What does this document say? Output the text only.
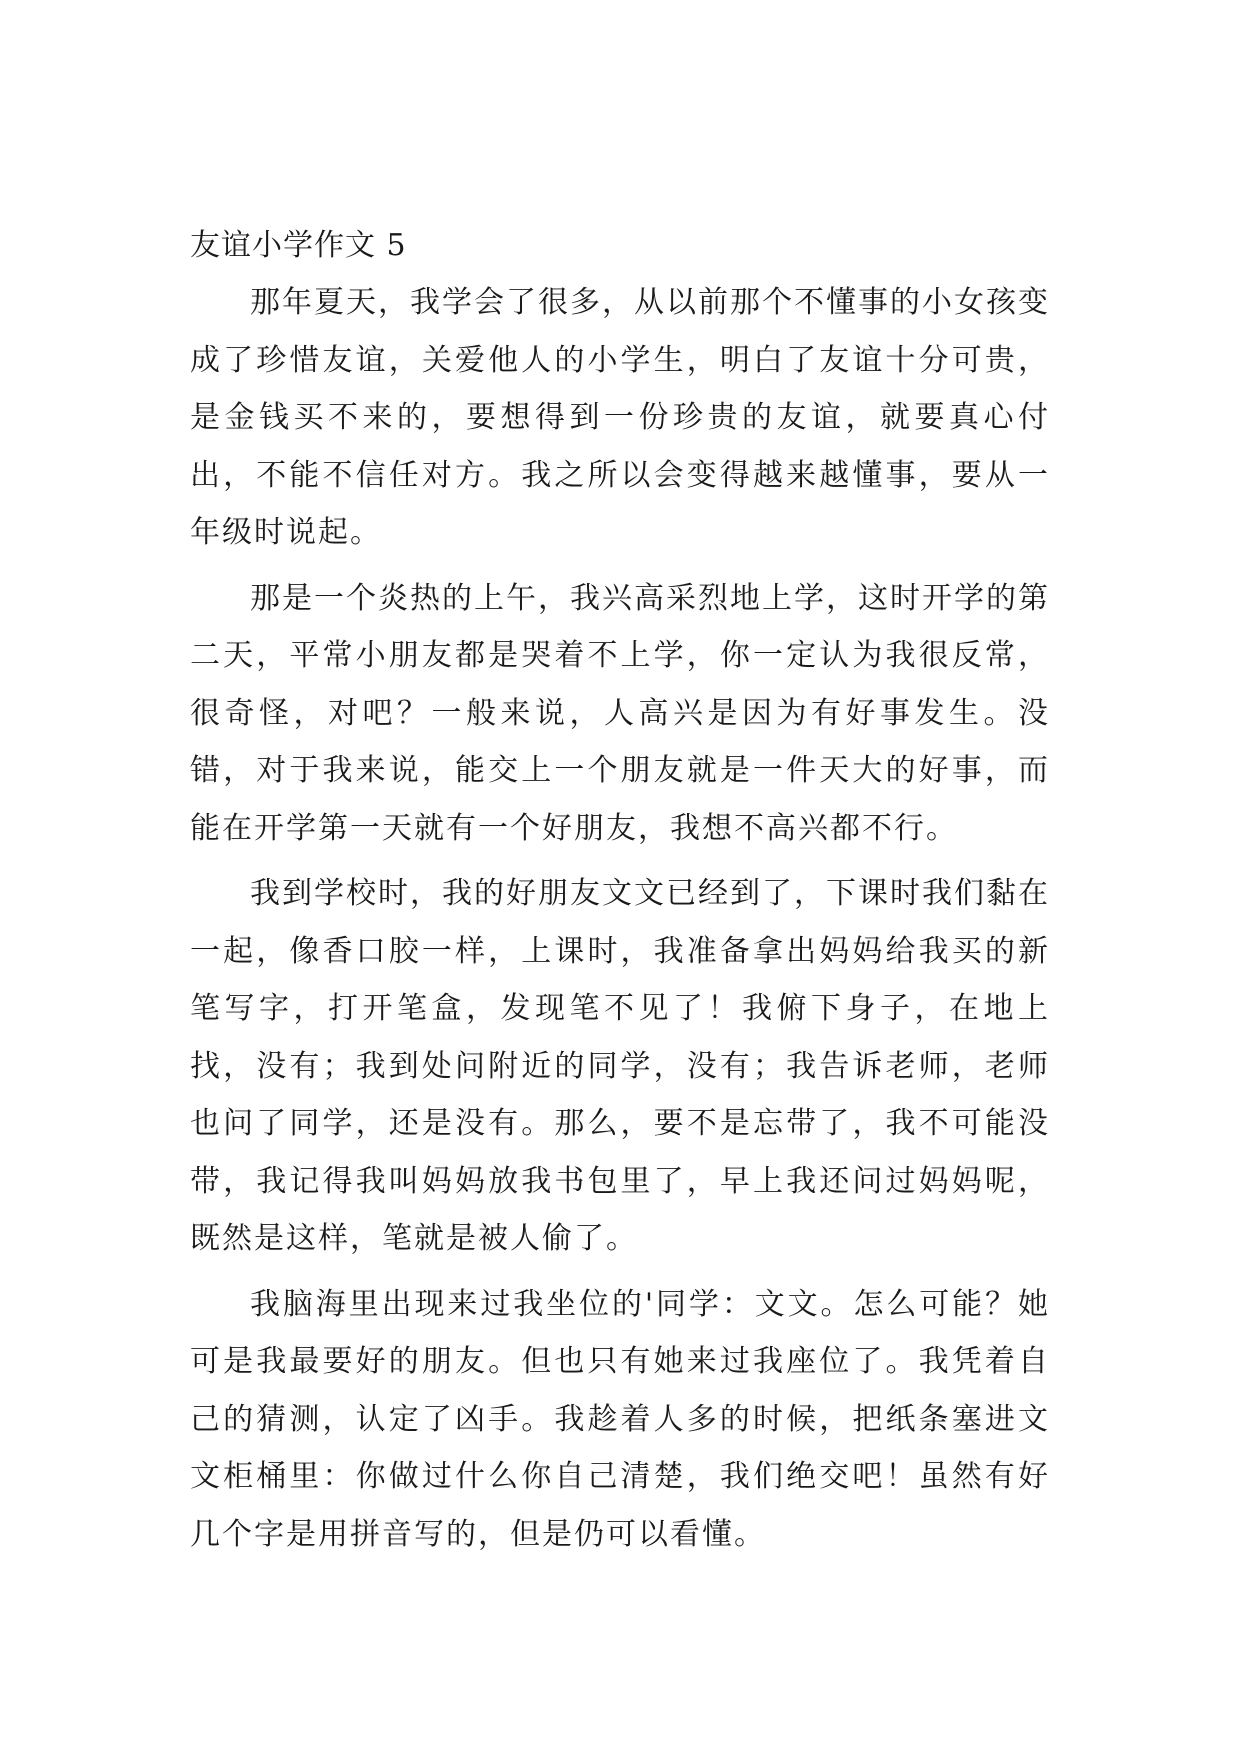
友谊小学作文 5

那年夏天，我学会了很多，从以前那个不懂事的小女孩变成了珍惜友谊，关爱他人的小学生，明白了友谊十分可贵，是金钱买不来的，要想得到一份珍贵的友谊，就要真心付出，不能不信任对方。我之所以会变得越来越懂事，要从一年级时说起。

那是一个炎热的上午，我兴高采烈地上学，这时开学的第二天，平常小朋友都是哭着不上学，你一定认为我很反常，很奇怪，对吧？一般来说，人高兴是因为有好事发生。没错，对于我来说，能交上一个朋友就是一件天大的好事，而能在开学第一天就有一个好朋友，我想不高兴都不行。

我到学校时，我的好朋友文文已经到了，下课时我们黏在一起，像香口胶一样，上课时，我准备拿出妈妈给我买的新笔写字，打开笔盒，发现笔不见了！我俯下身子，在地上找，没有；我到处问附近的同学，没有；我告诉老师，老师也问了同学，还是没有。那么，要不是忘带了，我不可能没带，我记得我叫妈妈放我书包里了，早上我还问过妈妈呢，既然是这样，笔就是被人偷了。

我脑海里出现来过我坐位的'同学：文文。怎么可能？她可是我最要好的朋友。但也只有她来过我座位了。我凭着自己的猜测，认定了凶手。我趁着人多的时候，把纸条塞进文文柜桶里：你做过什么你自己清楚，我们绝交吧！虽然有好几个字是用拼音写的，但是仍可以看懂。
